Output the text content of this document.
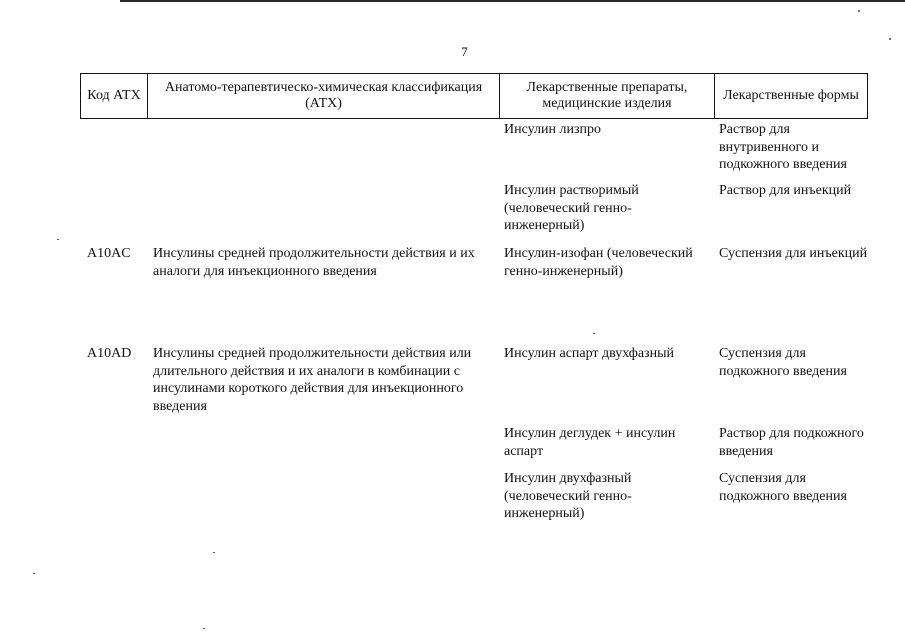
7
Код АТХ
Анатомо-терапевтическо-химическая классификация (АТХ)
Лекарственные препараты, медицинские изделия
Лекарственные формы

Инсулин лизпро	Раствор для внутривенного и подкожного введения

Инсулин растворимый (человеческий генно-инженерный)

Раствор для инъекций

A10AC Инсулины средней продолжительности действия и их аналоги для инъекционного введения

Инсулин-изофан (человеческий генно-инженерный)

Суспензия для инъекций

A10AD Инсулины средней продолжительности действия или длительного действия и их аналоги в комбинации с инсулинами короткого действия для инъекционного введения

Инсулин аспарт двухфазный	Суспензия для подкожного введения

Инсулин деглудек + инсулин аспарт

Раствор для подкожного введения

Инсулин двухфазный (человеческий генно-инженерный)

Суспензия для подкожного введения
